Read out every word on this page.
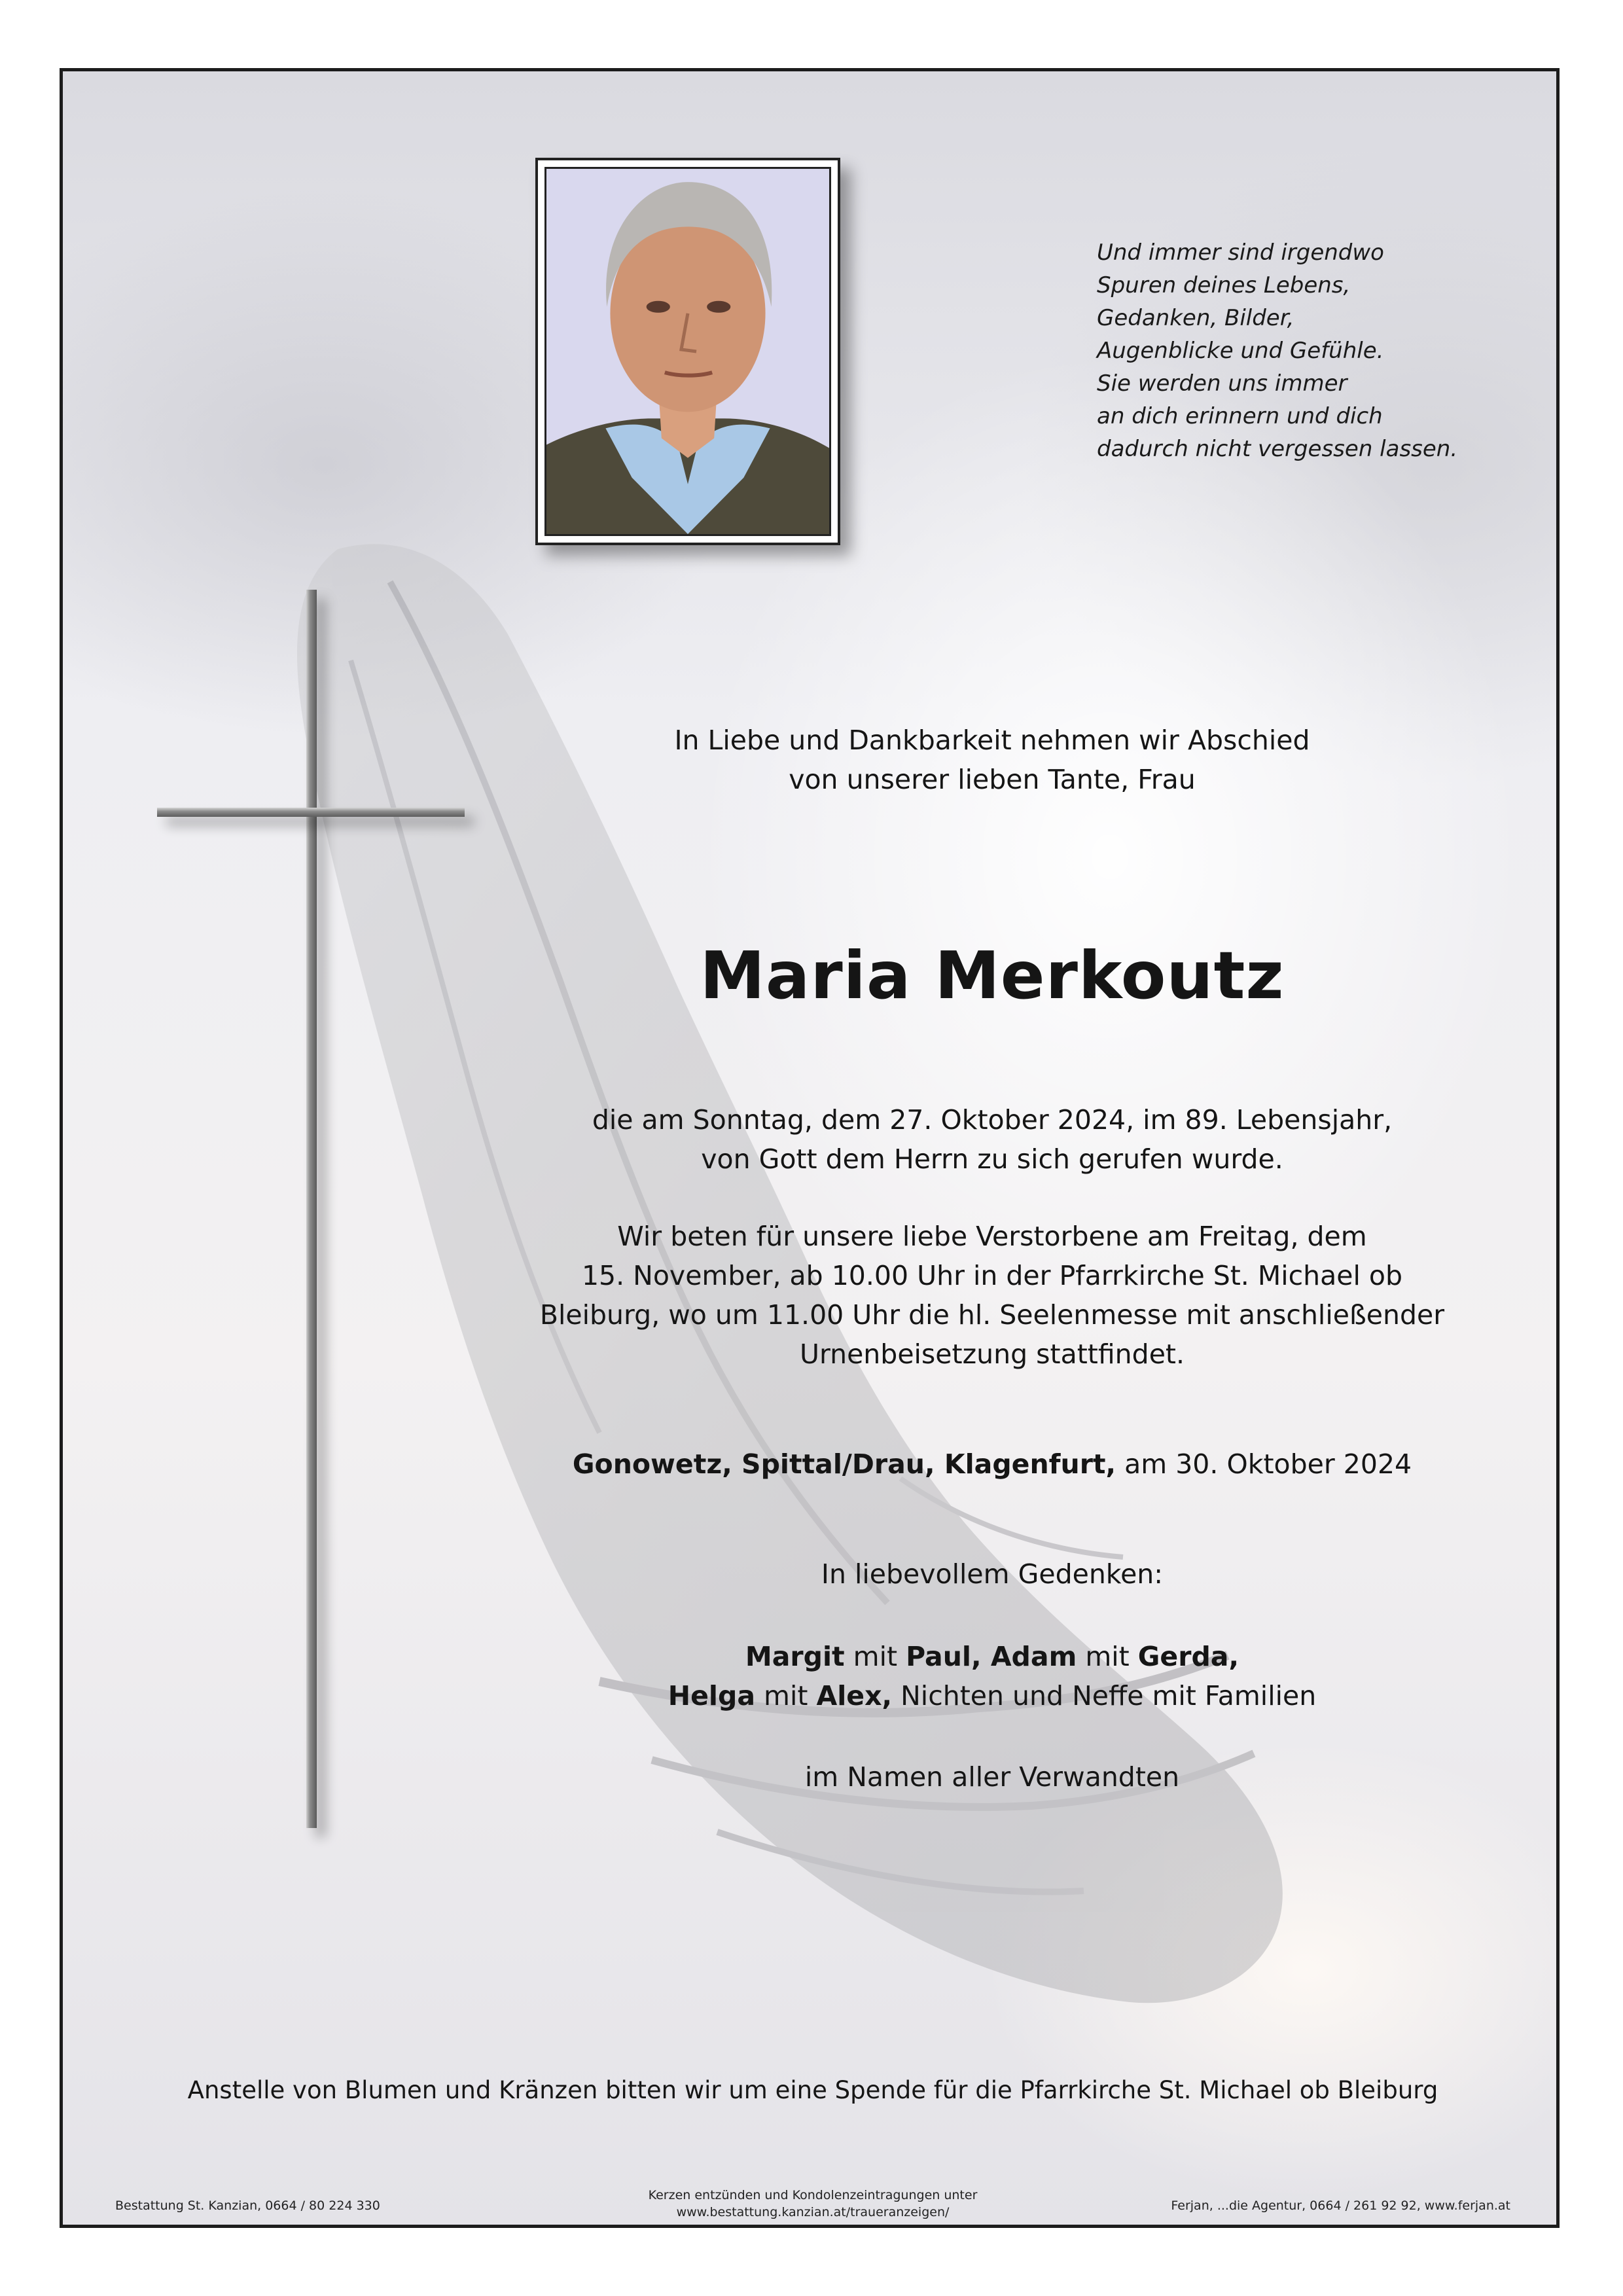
Und immer sind irgendwo
Spuren deines Lebens,
Gedanken, Bilder,
Augenblicke und Gefühle.
Sie werden uns immer
an dich erinnern und dich
dadurch nicht vergessen lassen.
In Liebe und Dankbarkeit nehmen wir Abschied
von unserer lieben Tante, Frau
Maria Merkoutz
die am Sonntag, dem 27. Oktober 2024, im 89. Lebensjahr,
von Gott dem Herrn zu sich gerufen wurde.
Wir beten für unsere liebe Verstorbene am Freitag, dem
15. November, ab 10.00 Uhr in der Pfarrkirche St. Michael ob
Bleiburg, wo um 11.00 Uhr die hl. Seelenmesse mit anschließender
Urnenbeisetzung stattfindet.
Gonowetz, Spittal/Drau, Klagenfurt, am 30. Oktober 2024
In liebevollem Gedenken:
Margit mit Paul, Adam mit Gerda,
Helga mit Alex, Nichten und Neffe mit Familien
im Namen aller Verwandten
Anstelle von Blumen und Kränzen bitten wir um eine Spende für die Pfarrkirche St. Michael ob Bleiburg
Bestattung St. Kanzian, 0664 / 80 224 330
Kerzen entzünden und Kondolenzeintragungen unter
www.bestattung.kanzian.at/traueranzeigen/	Ferjan, ...die Agentur, 0664 / 261 92 92, www.ferjan.at
